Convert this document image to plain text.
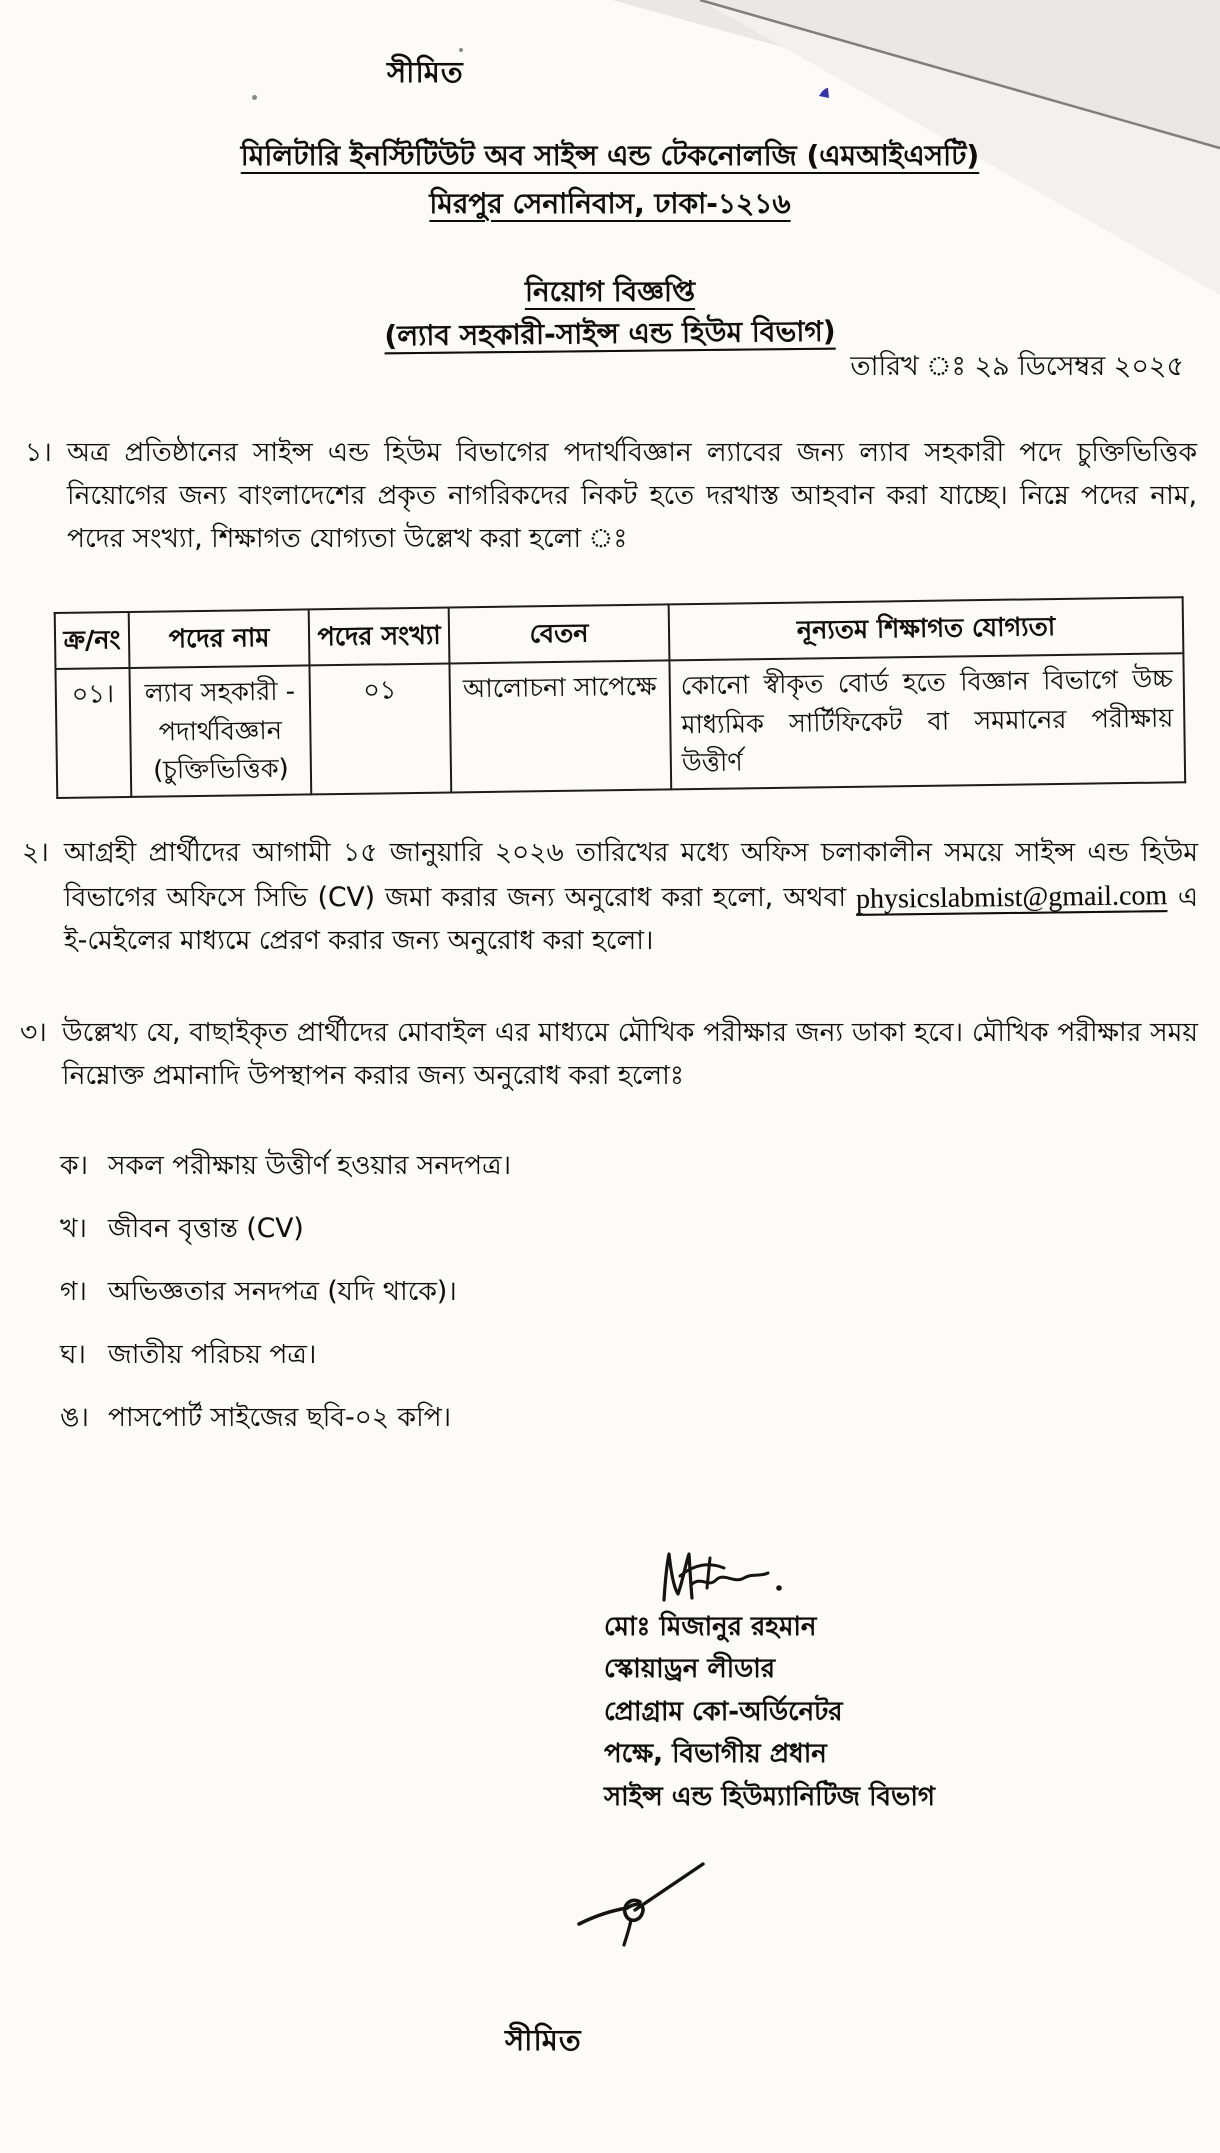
সীমিত
মিলিটারি ইনস্টিটিউট অব সাইন্স এন্ড টেকনোলজি (এমআইএসটি)
মিরপুর সেনানিবাস, ঢাকা-১২১৬
নিয়োগ বিজ্ঞপ্তি
(ল্যাব সহকারী-সাইন্স এন্ড হিউম বিভাগ)
তারিখ ঃ ২৯ ডিসেম্বর ২০২৫
১। অত্র প্রতিষ্ঠানের সাইন্স এন্ড হিউম বিভাগের পদার্থবিজ্ঞান ল্যাবের জন্য ল্যাব সহকারী পদে চুক্তিভিত্তিক নিয়োগের জন্য বাংলাদেশের প্রকৃত নাগরিকদের নিকট হতে দরখাস্ত আহবান করা যাচ্ছে। নিম্নে পদের নাম, পদের সংখ্যা, শিক্ষাগত যোগ্যতা উল্লেখ করা হলো ঃ
ক্র/নং	পদের নাম	পদের সংখ্যা	বেতন	নূন্যতম শিক্ষাগত যোগ্যতা
০১।	ল্যাব সহকারী - পদার্থবিজ্ঞান (চুক্তিভিত্তিক)	০১	আলোচনা সাপেক্ষে	কোনো স্বীকৃত বোর্ড হতে বিজ্ঞান বিভাগে উচ্চ মাধ্যমিক সার্টিফিকেট বা সমমানের পরীক্ষায় উত্তীর্ণ
২। আগ্রহী প্রার্থীদের আগামী ১৫ জানুয়ারি ২০২৬ তারিখের মধ্যে অফিস চলাকালীন সময়ে সাইন্স এন্ড হিউম বিভাগের অফিসে সিভি (CV) জমা করার জন্য অনুরোধ করা হলো, অথবা physicslabmist@gmail.com এ ই-মেইলের মাধ্যমে প্রেরণ করার জন্য অনুরোধ করা হলো।
৩। উল্লেখ্য যে, বাছাইকৃত প্রার্থীদের মোবাইল এর মাধ্যমে মৌখিক পরীক্ষার জন্য ডাকা হবে। মৌখিক পরীক্ষার সময় নিম্নোক্ত প্রমানাদি উপস্থাপন করার জন্য অনুরোধ করা হলোঃ
ক। সকল পরীক্ষায় উত্তীর্ণ হওয়ার সনদপত্র।
খ। জীবন বৃত্তান্ত (CV)
গ। অভিজ্ঞতার সনদপত্র (যদি থাকে)।
ঘ। জাতীয় পরিচয় পত্র।
ঙ। পাসপোর্ট সাইজের ছবি-০২ কপি।
মোঃ মিজানুর রহমান
স্কোয়াড্রন লীডার
প্রোগ্রাম কো-অর্ডিনেটর
পক্ষে, বিভাগীয় প্রধান
সাইন্স এন্ড হিউম্যানিটিজ বিভাগ
সীমিত
